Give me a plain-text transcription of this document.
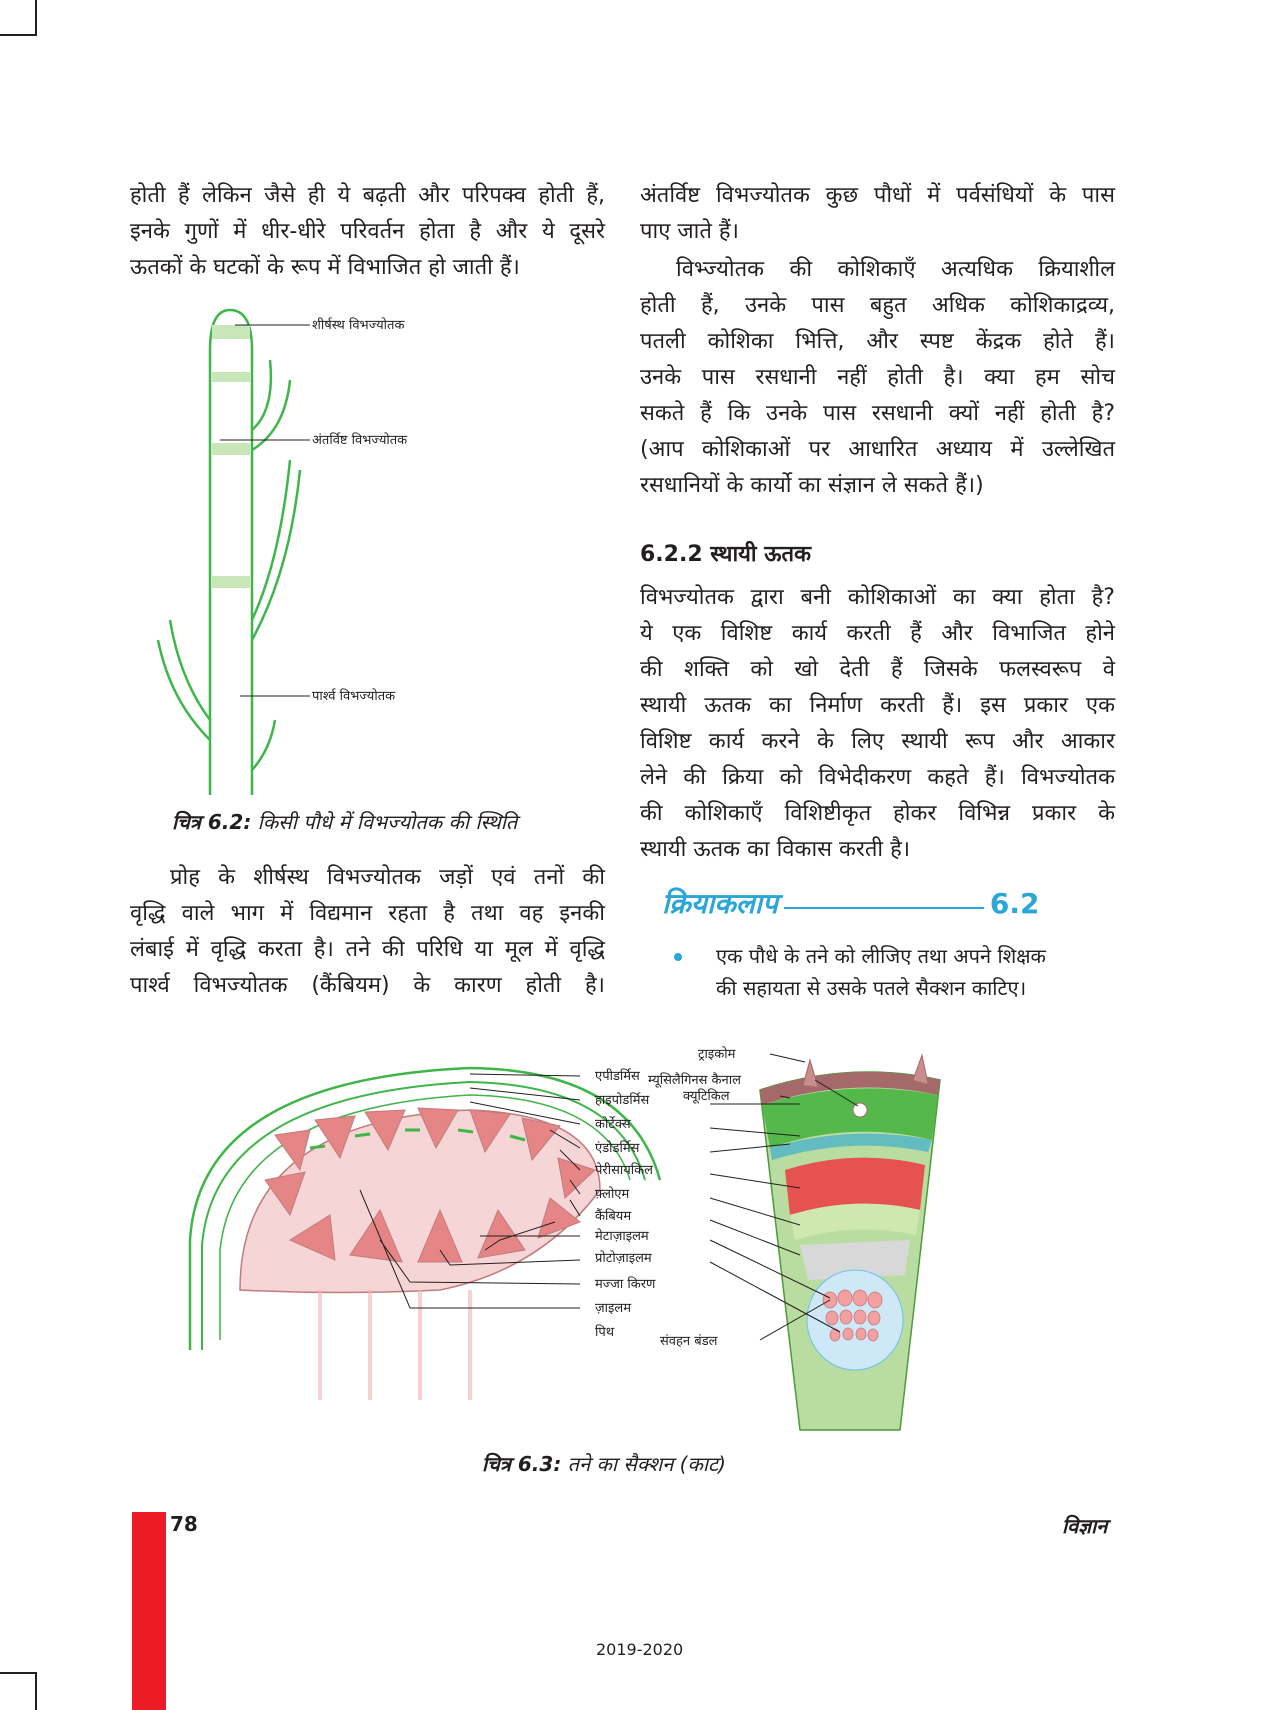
होती हैं लेकिन जैसे ही ये बढ़ती और परिपक्व होती हैं,
इनके गुणों में धीर-धीरे परिवर्तन होता है और ये दूसरे
ऊतकों के घटकों के रूप में विभाजित हो जाती हैं।
शीर्षस्थ विभज्योतक
अंतर्विष्ट विभज्योतक
पार्श्व विभज्योतक
चित्र 6.2: किसी पौधे में विभज्योतक की स्थिति
प्रोह के शीर्षस्थ विभज्योतक जड़ों एवं तनों की
वृद्धि वाले भाग में विद्यमान रहता है तथा वह इनकी
लंबाई में वृद्धि करता है। तने की परिधि या मूल में वृद्धि
पार्श्व विभज्योतक (कैंबियम) के कारण होती है।
अंतर्विष्ट विभज्योतक कुछ पौधों में पर्वसंधियों के पास
पाए जाते हैं।
विभ्ज्योतक की कोशिकाएँ अत्यधिक क्रियाशील
होती हैं, उनके पास बहुत अधिक कोशिकाद्रव्य,
पतली कोशिका भित्ति, और स्पष्ट केंद्रक होते हैं।
उनके पास रसधानी नहीं होती है। क्या हम सोच
सकते हैं कि उनके पास रसधानी क्यों नहीं होती है?
(आप कोशिकाओं पर आधारित अध्याय में उल्लेखित
रसधानियों के कार्यो का संज्ञान ले सकते हैं।)
6.2.2 स्थायी ऊतक
विभज्योतक द्वारा बनी कोशिकाओं का क्या होता है?
ये एक विशिष्ट कार्य करती हैं और विभाजित होने
की शक्ति को खो देती हैं जिसके फलस्वरूप वे
स्थायी ऊतक का निर्माण करती हैं। इस प्रकार एक
विशिष्ट कार्य करने के लिए स्थायी रूप और आकार
लेने की क्रिया को विभेदीकरण कहते हैं। विभज्योतक
की कोशिकाएँ विशिष्टीकृत होकर विभिन्न प्रकार के
स्थायी ऊतक का विकास करती है।
क्रियाकलाप	6.2
एक पौधे के तने को लीजिए तथा अपने शिक्षक
की सहायता से उसके पतले सैक्शन काटिए।
एपीडर्मिस
हाइपोडर्मिस
कोर्टेक्स
एंडोडर्मिस
पेरीसायकिल
फ़्लोएम
कैंबियम
मेटाज़ाइलम
प्रोटोज़ाइलम
मज्जा किरण
ज़ाइलम
पिथ
ट्राइकोम
म्यूसिलैगिनस कैनाल
क्यूटिकिल
संवहन बंडल
चित्र 6.3: तने का सैक्शन (काट)
78	विज्ञान
2019-2020
